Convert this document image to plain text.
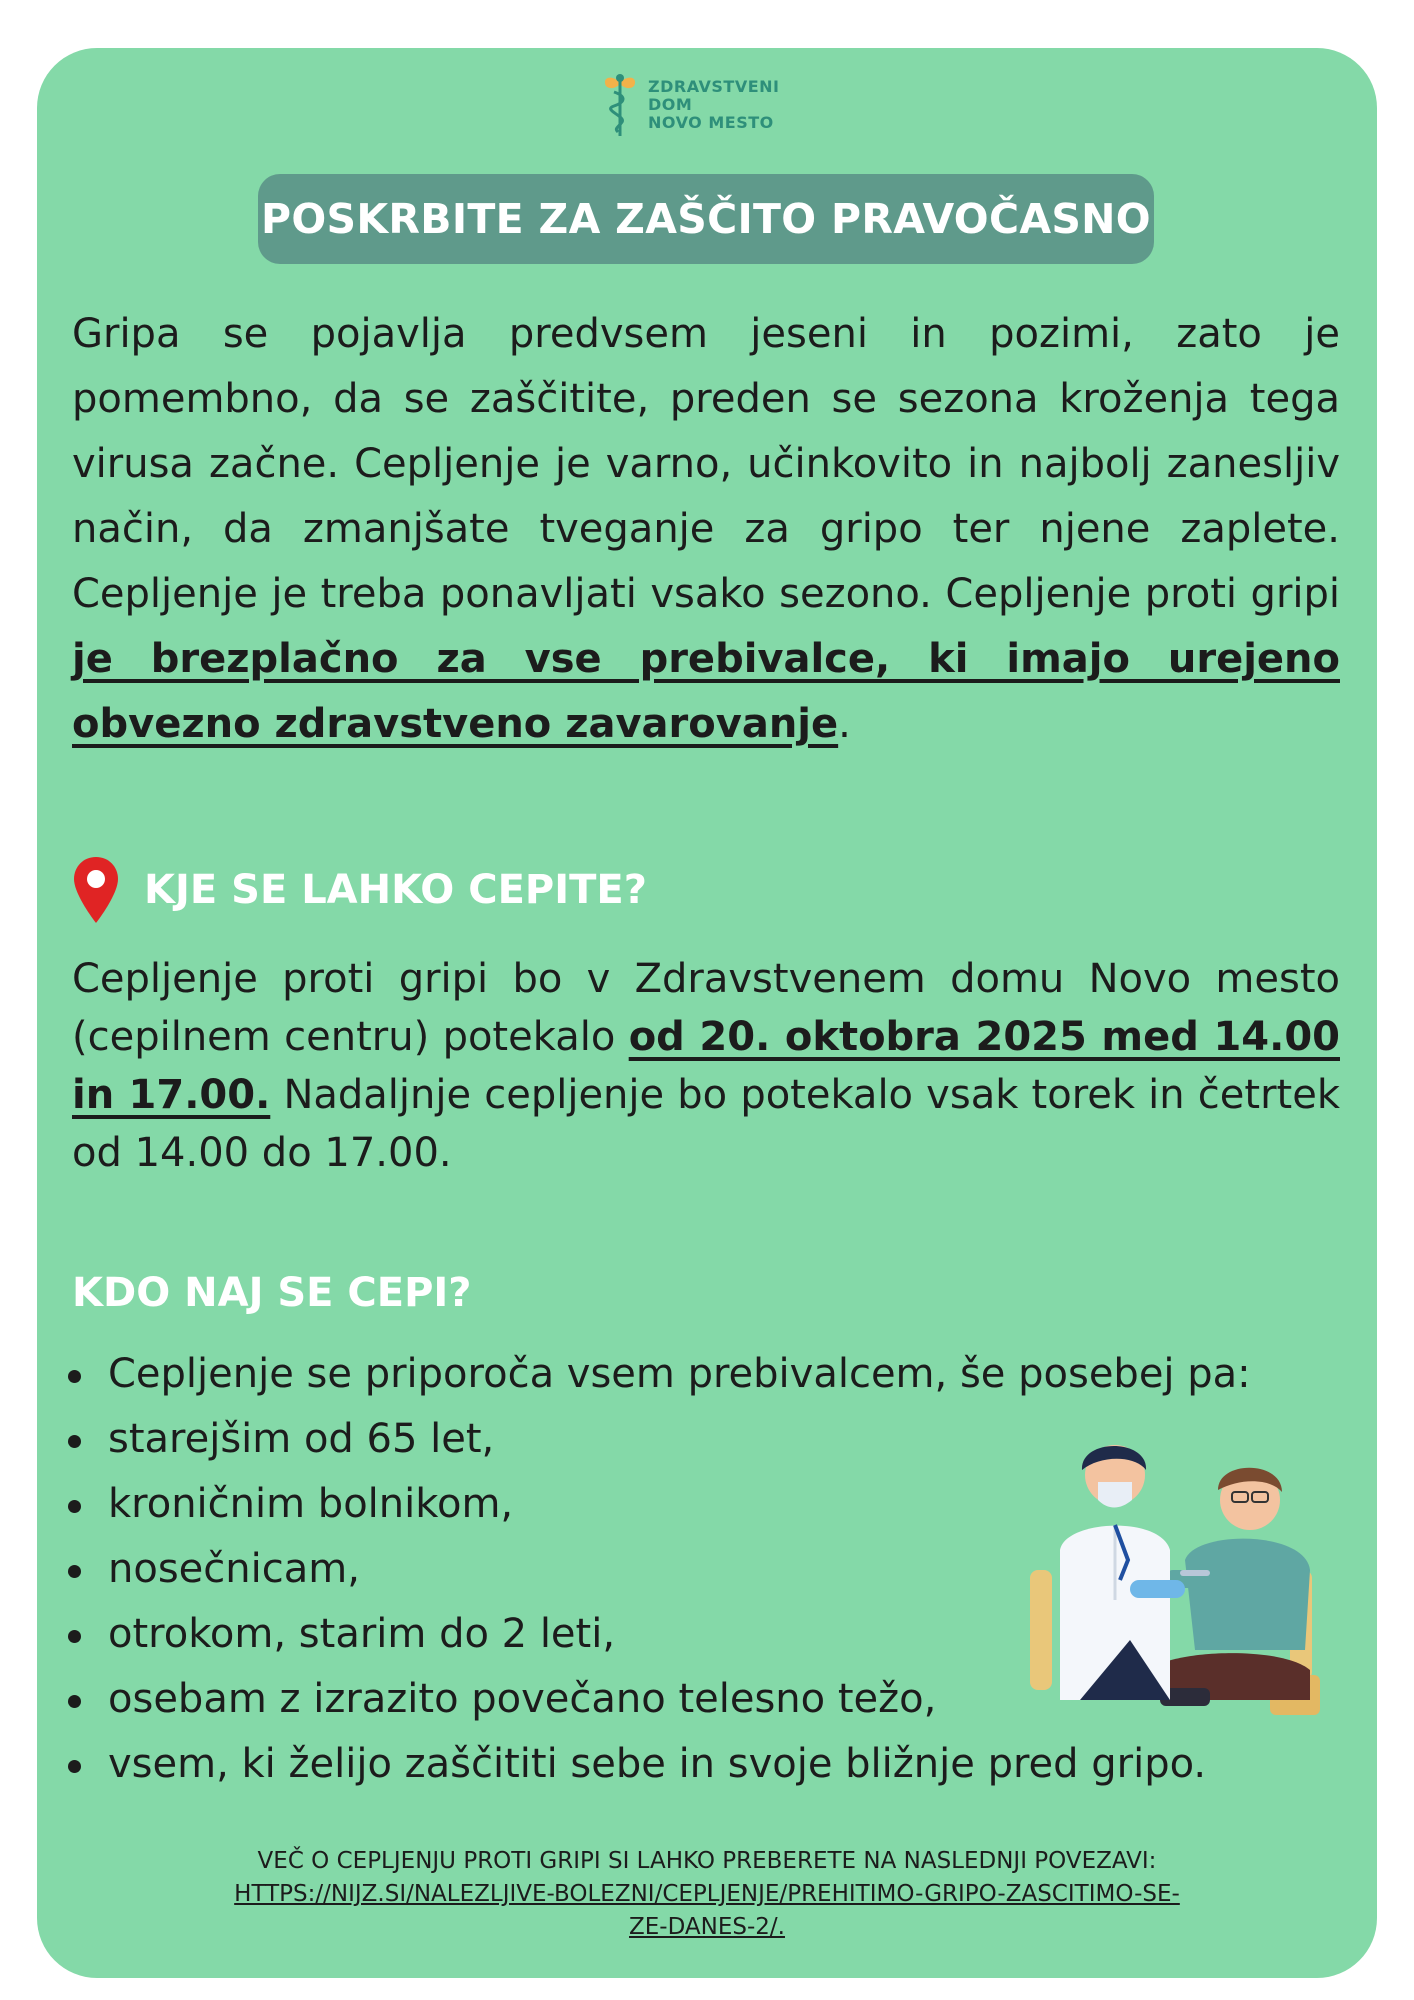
ZDRAVSTVENI
DOM
NOVO MESTO
POSKRBITE ZA ZAŠČITO PRAVOČASNO

Gripa se pojavlja predvsem jeseni in pozimi, zato je pomembno, da se zaščitite, preden se sezona kroženja tega virusa začne. Cepljenje je varno, učinkovito in najbolj zanesljiv način, da zmanjšate tveganje za gripo ter njene zaplete. Cepljenje je treba ponavljati vsako sezono. Cepljenje proti gripi je brezplačno za vse prebivalce, ki imajo urejeno obvezno zdravstveno zavarovanje.

KJE SE LAHKO CEPITE?

Cepljenje proti gripi bo v Zdravstvenem domu Novo mesto (cepilnem centru) potekalo od 20. oktobra 2025 med 14.00 in 17.00. Nadaljnje cepljenje bo potekalo vsak torek in četrtek od 14.00 do 17.00.

KDO NAJ SE CEPI?
Cepljenje se priporoča vsem prebivalcem, še posebej pa:
starejšim od 65 let,
kroničnim bolnikom,
nosečnicam,
otrokom, starim do 2 leti,
osebam z izrazito povečano telesno težo,
vsem, ki želijo zaščititi sebe in svoje bližnje pred gripo.
VEČ O CEPLJENJU PROTI GRIPI SI LAHKO PREBERETE NA NASLEDNJI POVEZAVI:
HTTPS://NIJZ.SI/NALEZLJIVE-BOLEZNI/CEPLJENJE/PREHITIMO-GRIPO-ZASCITIMO-SE-
ZE-DANES-2/.
